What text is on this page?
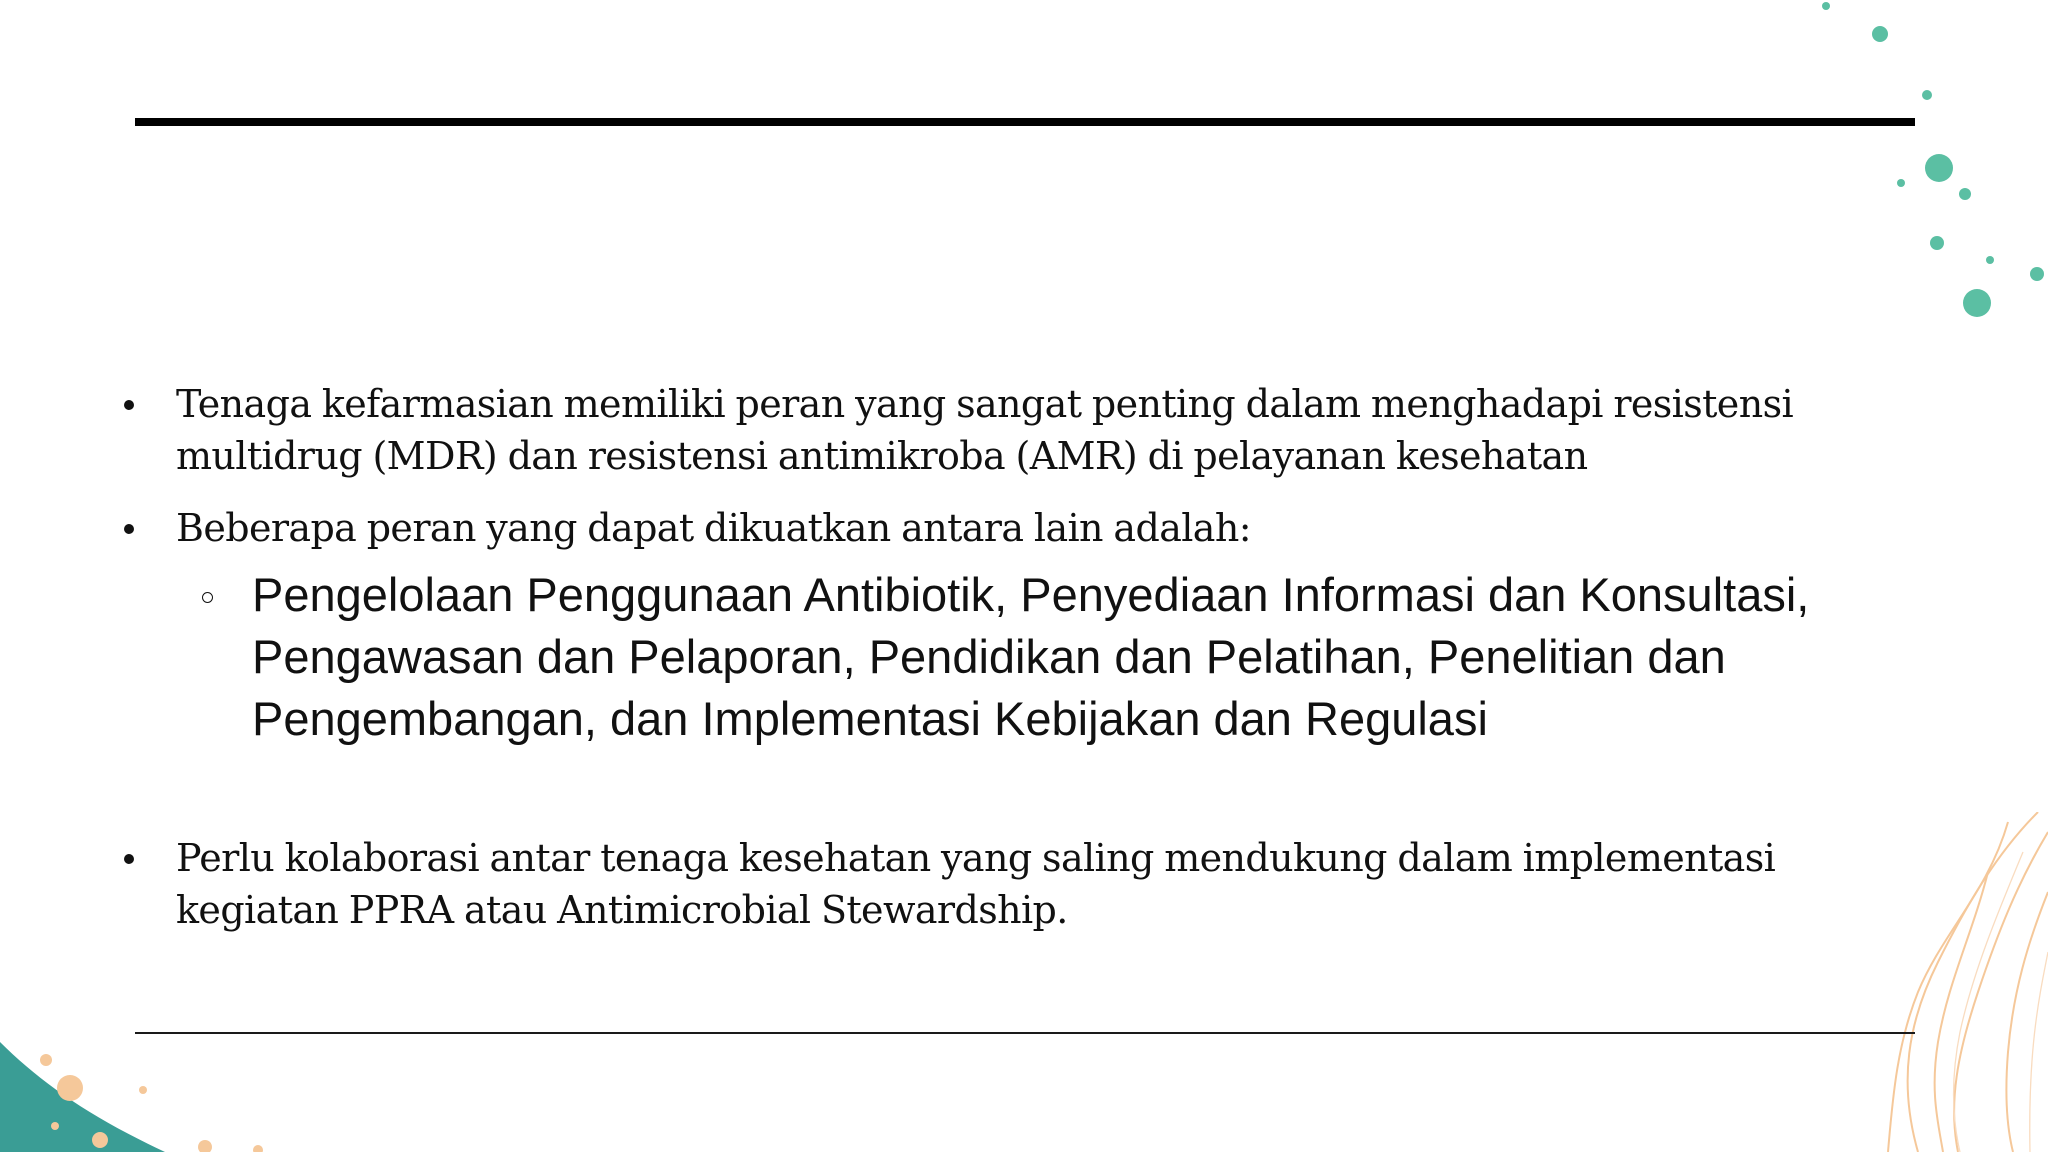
Tenaga kefarmasian memiliki peran yang sangat penting dalam menghadapi resistensi multidrug (MDR) dan resistensi antimikroba (AMR) di pelayanan kesehatan
Beberapa peran yang dapat dikuatkan antara lain adalah:
Pengelolaan Penggunaan Antibiotik, Penyediaan Informasi dan Konsultasi, Pengawasan dan Pelaporan, Pendidikan dan Pelatihan, Penelitian dan Pengembangan, dan Implementasi Kebijakan dan Regulasi
Perlu kolaborasi antar tenaga kesehatan yang saling mendukung dalam implementasi kegiatan PPRA atau Antimicrobial Stewardship.
